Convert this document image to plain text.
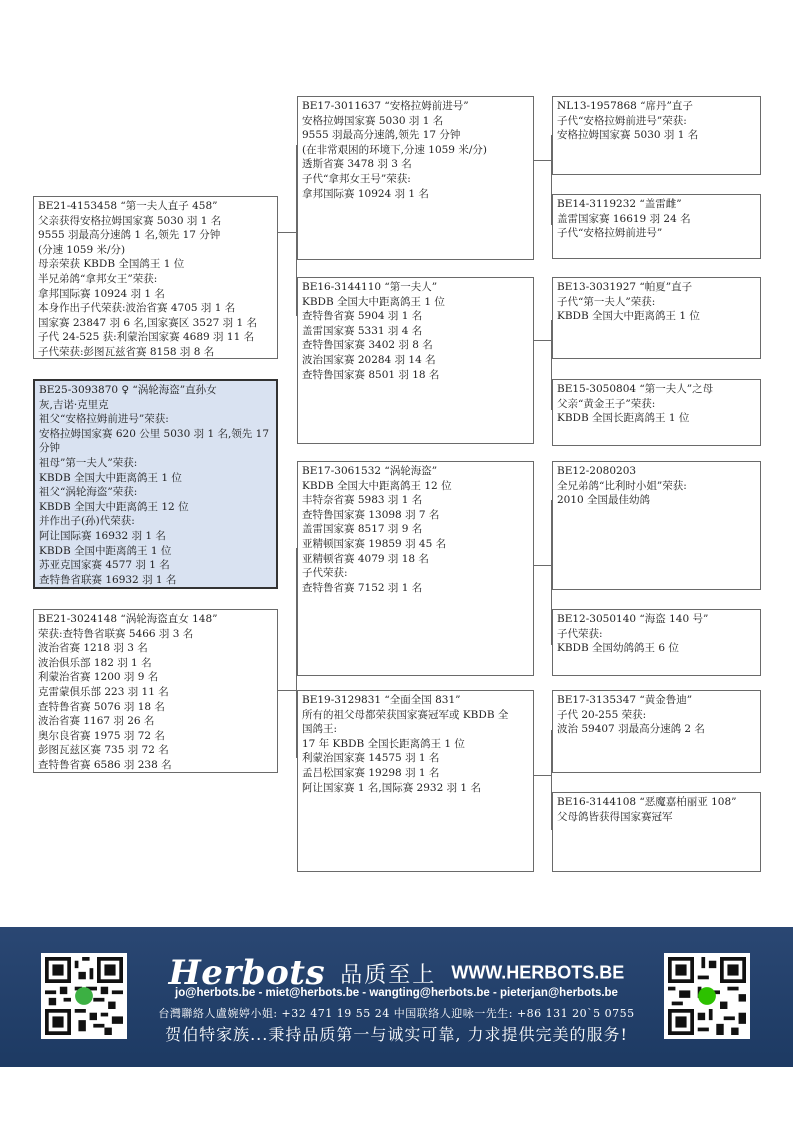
BE21-4153458 “第一夫人直子 458”
父亲获得安格拉姆国家赛 5030 羽 1 名
9555 羽最高分速鸽 1 名,领先 17 分钟
(分速 1059 米/分)
母亲荣获 KBDB 全国鸽王 1 位
半兄弟鸽“拿邦女王”荣获:
拿邦国际赛 10924 羽 1 名
本身作出子代荣获:波治省赛 4705 羽 1 名
国家赛 23847 羽 6 名,国家赛区 3527 羽 1 名
子代 24-525 获:利蒙治国家赛 4689 羽 11 名
子代荣获:彭图瓦兹省赛 8158 羽 8 名
BE25-3093870 ♀ “涡轮海盗”直孙女
灰,吉诺·克里克
祖父“安格拉姆前进号”荣获:
安格拉姆国家赛 620 公里 5030 羽 1 名,领先 17 分钟
祖母”第一夫人”荣获:
KBDB 全国大中距离鸽王 1 位
祖父“涡轮海盗”荣获:
KBDB 全国大中距离鸽王 12 位
并作出子(孙)代荣获:
阿让国际赛 16932 羽 1 名
KBDB 全国中距离鸽王 1 位
苏亚克国家赛 4577 羽 1 名
查特鲁省联赛 16932 羽 1 名
BE21-3024148 “涡轮海盗直女 148”
荣获:查特鲁省联赛 5466 羽 3 名
波治省赛 1218 羽 3 名
波治俱乐部 182 羽 1 名
利蒙治省赛 1200 羽 9 名
克雷蒙俱乐部 223 羽 11 名
查特鲁省赛 5076 羽 18 名
波治省赛 1167 羽 26 名
奥尔良省赛 1975 羽 72 名
彭图瓦兹区赛 735 羽 72 名
查特鲁省赛 6586 羽 238 名
BE17-3011637 “安格拉姆前进号”
安格拉姆国家赛 5030 羽 1 名
9555 羽最高分速鸽,领先 17 分钟
(在非常艰困的环境下,分速 1059 米/分)
透斯省赛 3478 羽 3 名
子代“拿邦女王号”荣获:
拿邦国际赛 10924 羽 1 名
BE16-3144110 “第一夫人”
KBDB 全国大中距离鸽王 1 位
查特鲁省赛 5904 羽 1 名
盖雷国家赛 5331 羽 4 名
查特鲁国家赛 3402 羽 8 名
波治国家赛 20284 羽 14 名
查特鲁国家赛 8501 羽 18 名
BE17-3061532 “涡轮海盗”
KBDB 全国大中距离鸽王 12 位
丰特奈省赛 5983 羽 1 名
查特鲁国家赛 13098 羽 7 名
盖雷国家赛 8517 羽 9 名
亚精顿国家赛 19859 羽 45 名
亚精顿省赛 4079 羽 18 名
子代荣获:
查特鲁省赛 7152 羽 1 名
BE19-3129831 “全面全国 831”
所有的祖父母都荣获国家赛冠军或 KBDB 全
国鸽王:
17 年 KBDB 全国长距离鸽王 1 位
利蒙治国家赛 14575 羽 1 名
孟吕松国家赛 19298 羽 1 名
阿让国家赛 1 名,国际赛 2932 羽 1 名
NL13-1957868 “席丹”直子
子代“安格拉姆前进号”荣获:
安格拉姆国家赛 5030 羽 1 名
BE14-3119232 “盖雷雌”
盖雷国家赛 16619 羽 24 名
子代“安格拉姆前进号”
BE13-3031927 “帕夏”直子
子代“第一夫人”荣获:
KBDB 全国大中距离鸽王 1 位
BE15-3050804 “第一夫人”之母
父亲“黄金王子”荣获:
KBDB 全国长距离鸽王 1 位
BE12-2080203
全兄弟鸽“比利时小姐”荣获:
2010 全国最佳幼鸽
BE12-3050140 “海盗 140 号”
子代荣获:
KBDB 全国幼鸽鸽王 6 位
BE17-3135347 “黄金鲁迪”
子代 20-255 荣获:
波治 59407 羽最高分速鸽 2 名
BE16-3144108 “恶魔嘉柏丽亚 108”
父母鸽皆获得国家赛冠军
Herbots 品质至上 WWW.HERBOTS.BE
jo@herbots.be - miet@herbots.be - wangting@herbots.be - pieterjan@herbots.be
台灣聯絡人盧婉婷小姐: +32 471 19 55 24 中国联络人迎咏一先生: +86 131 20`5 0755
贺伯特家族...秉持品质第一与诚实可靠, 力求提供完美的服务!
